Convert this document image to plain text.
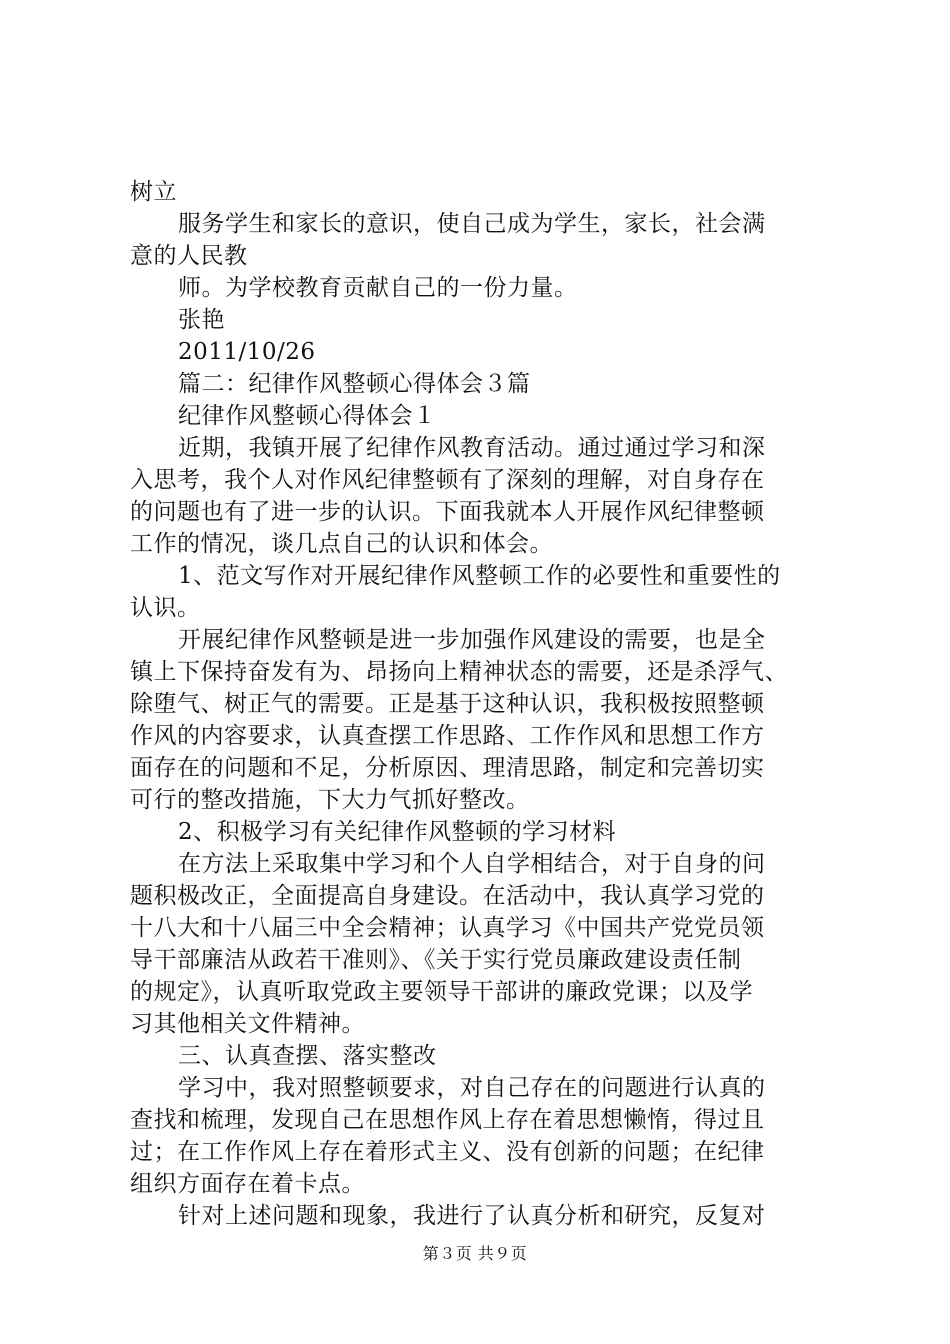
树立
服务学生和家长的意识，使自己成为学生，家长，社会满
意的人民教
师。为学校教育贡献自己的一份力量。
张艳
2011/10/26
篇二：纪律作风整顿心得体会３篇
纪律作风整顿心得体会１
近期，我镇开展了纪律作风教育活动。通过通过学习和深
入思考，我个人对作风纪律整顿有了深刻的理解，对自身存在
的问题也有了进一步的认识。下面我就本人开展作风纪律整顿
工作的情况，谈几点自己的认识和体会。
1、范文写作对开展纪律作风整顿工作的必要性和重要性的
认识。
开展纪律作风整顿是进一步加强作风建设的需要，也是全
镇上下保持奋发有为、昂扬向上精神状态的需要，还是杀浮气、
除堕气、树正气的需要。正是基于这种认识，我积极按照整顿
作风的内容要求，认真查摆工作思路、工作作风和思想工作方
面存在的问题和不足，分析原因、理清思路，制定和完善切实
可行的整改措施，下大力气抓好整改。
2、积极学习有关纪律作风整顿的学习材料
在方法上采取集中学习和个人自学相结合，对于自身的问
题积极改正，全面提高自身建设。在活动中，我认真学习党的
十八大和十八届三中全会精神；认真学习《中国共产党党员领
导干部廉洁从政若干准则》、《关于实行党员廉政建设责任制
的规定》，认真听取党政主要领导干部讲的廉政党课；以及学
习其他相关文件精神。
三、认真查摆、落实整改
学习中，我对照整顿要求，对自己存在的问题进行认真的
查找和梳理，发现自己在思想作风上存在着思想懒惰，得过且
过；在工作作风上存在着形式主义、没有创新的问题；在纪律
组织方面存在着卡点。
针对上述问题和现象，我进行了认真分析和研究，反复对
第３页 共９页
